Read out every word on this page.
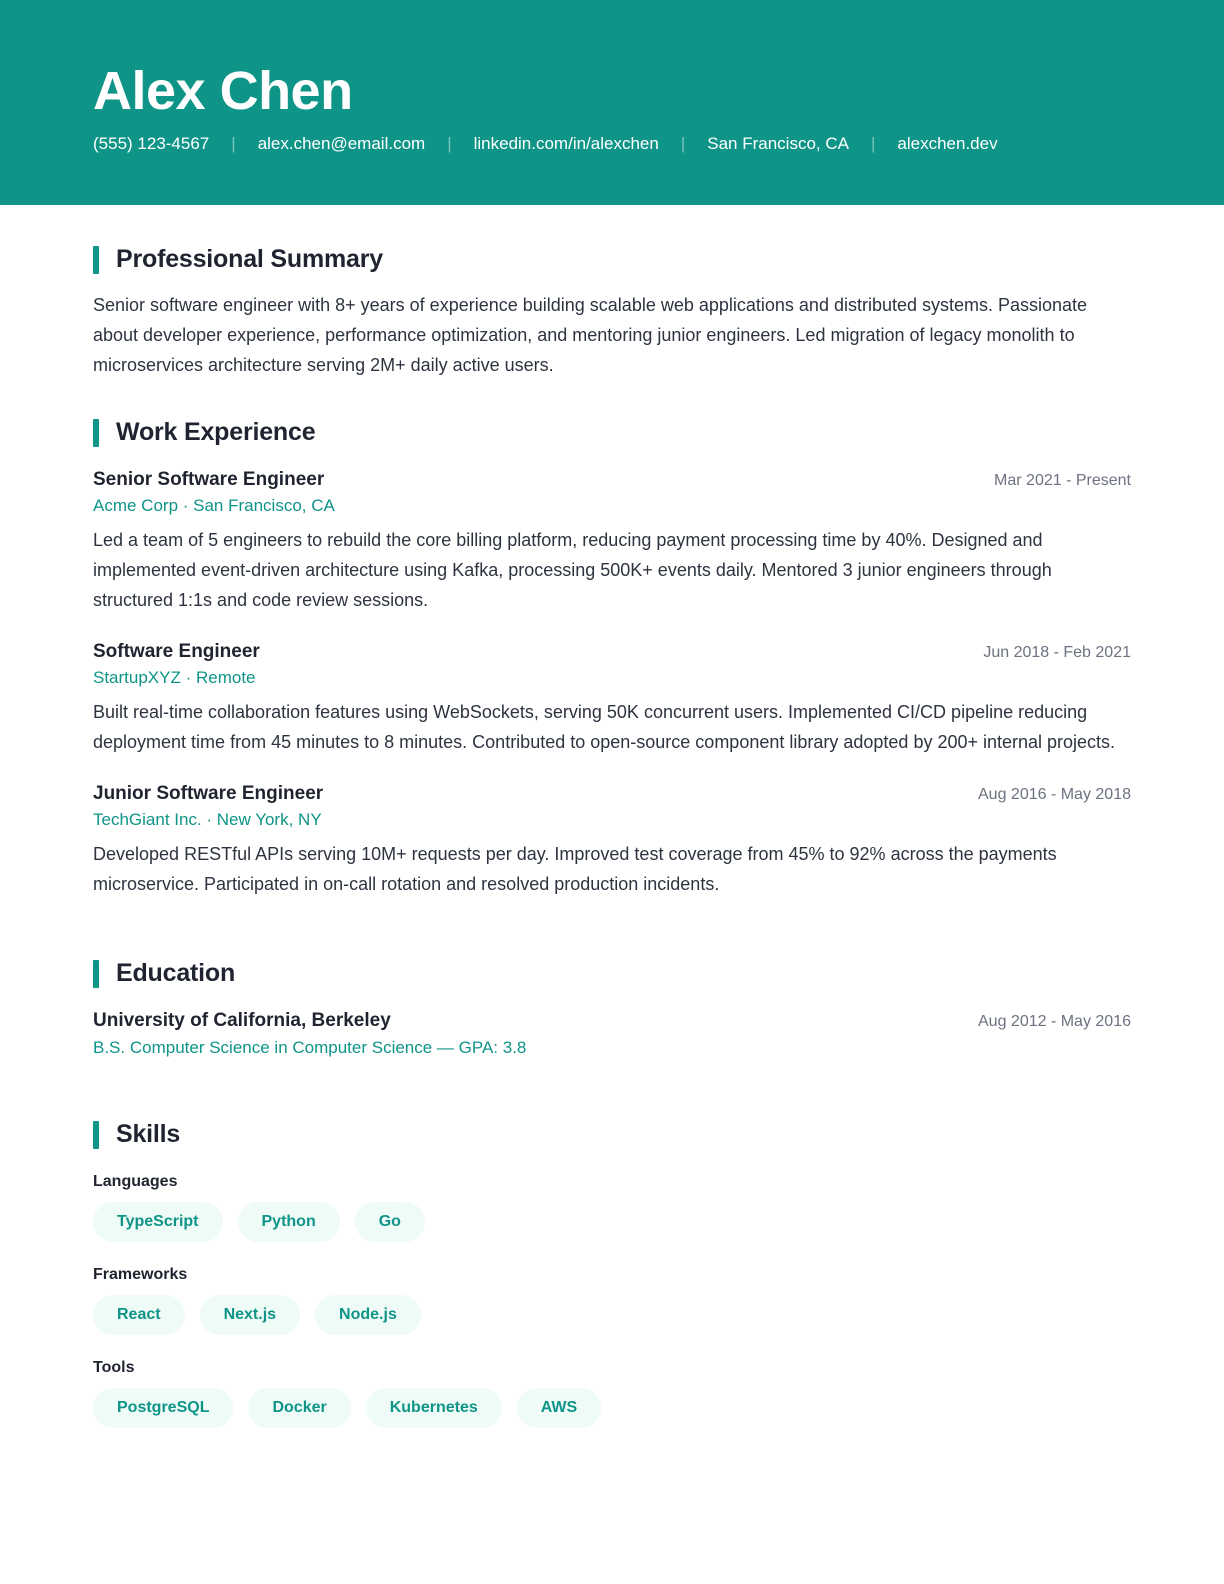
Alex Chen
(555) 123-4567	|	alex.chen@email.com	|	linkedin.com/in/alexchen	|	San Francisco, CA	|	alexchen.dev
Professional Summary

Senior software engineer with 8+ years of experience building scalable web applications and distributed systems. Passionate about developer experience, performance optimization, and mentoring junior engineers. Led migration of legacy monolith to microservices architecture serving 2M+ daily active users.

Work Experience
Senior Software Engineer	Mar 2021 - Present
Acme Corp · San Francisco, CA

Led a team of 5 engineers to rebuild the core billing platform, reducing payment processing time by 40%. Designed and implemented event-driven architecture using Kafka, processing 500K+ events daily. Mentored 3 junior engineers through structured 1:1s and code review sessions.

Software Engineer	Jun 2018 - Feb 2021
StartupXYZ · Remote

Built real-time collaboration features using WebSockets, serving 50K concurrent users. Implemented CI/CD pipeline reducing deployment time from 45 minutes to 8 minutes. Contributed to open-source component library adopted by 200+ internal projects.

Junior Software Engineer	Aug 2016 - May 2018
TechGiant Inc. · New York, NY

Developed RESTful APIs serving 10M+ requests per day. Improved test coverage from 45% to 92% across the payments microservice. Participated in on-call rotation and resolved production incidents.

Education
University of California, Berkeley	Aug 2012 - May 2016
B.S. Computer Science in Computer Science — GPA: 3.8
Skills
Languages
TypeScript	Python	Go
Frameworks
React	Next.js	Node.js
Tools
PostgreSQL	Docker	Kubernetes	AWS
